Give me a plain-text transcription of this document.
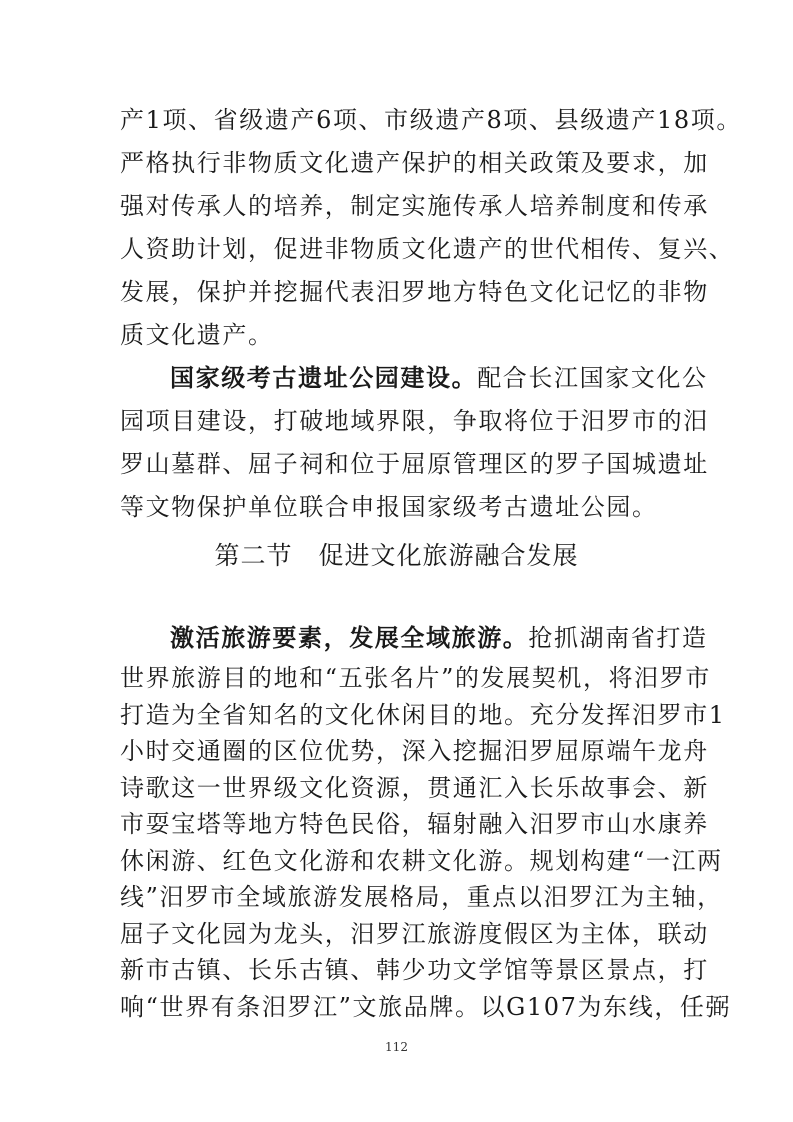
产1项、省级遗产6项、市级遗产8项、县级遗产18项。
严格执行非物质文化遗产保护的相关政策及要求，加
强对传承人的培养，制定实施传承人培养制度和传承
人资助计划，促进非物质文化遗产的世代相传、复兴、
发展，保护并挖掘代表汨罗地方特色文化记忆的非物
质文化遗产。
国家级考古遗址公园建设。配合长江国家文化公
园项目建设，打破地域界限，争取将位于汨罗市的汨
罗山墓群、屈子祠和位于屈原管理区的罗子国城遗址
等文物保护单位联合申报国家级考古遗址公园。
第二节　促进文化旅游融合发展
激活旅游要素，发展全域旅游。抢抓湖南省打造
世界旅游目的地和“五张名片”的发展契机，将汨罗市
打造为全省知名的文化休闲目的地。充分发挥汨罗市1
小时交通圈的区位优势，深入挖掘汨罗屈原端午龙舟
诗歌这一世界级文化资源，贯通汇入长乐故事会、新
市耍宝塔等地方特色民俗，辐射融入汨罗市山水康养
休闲游、红色文化游和农耕文化游。规划构建“一江两
线”汨罗市全域旅游发展格局，重点以汨罗江为主轴，
屈子文化园为龙头，汨罗江旅游度假区为主体，联动
新市古镇、长乐古镇、韩少功文学馆等景区景点，打
响“世界有条汨罗江”文旅品牌。以G107为东线，任弼
112
